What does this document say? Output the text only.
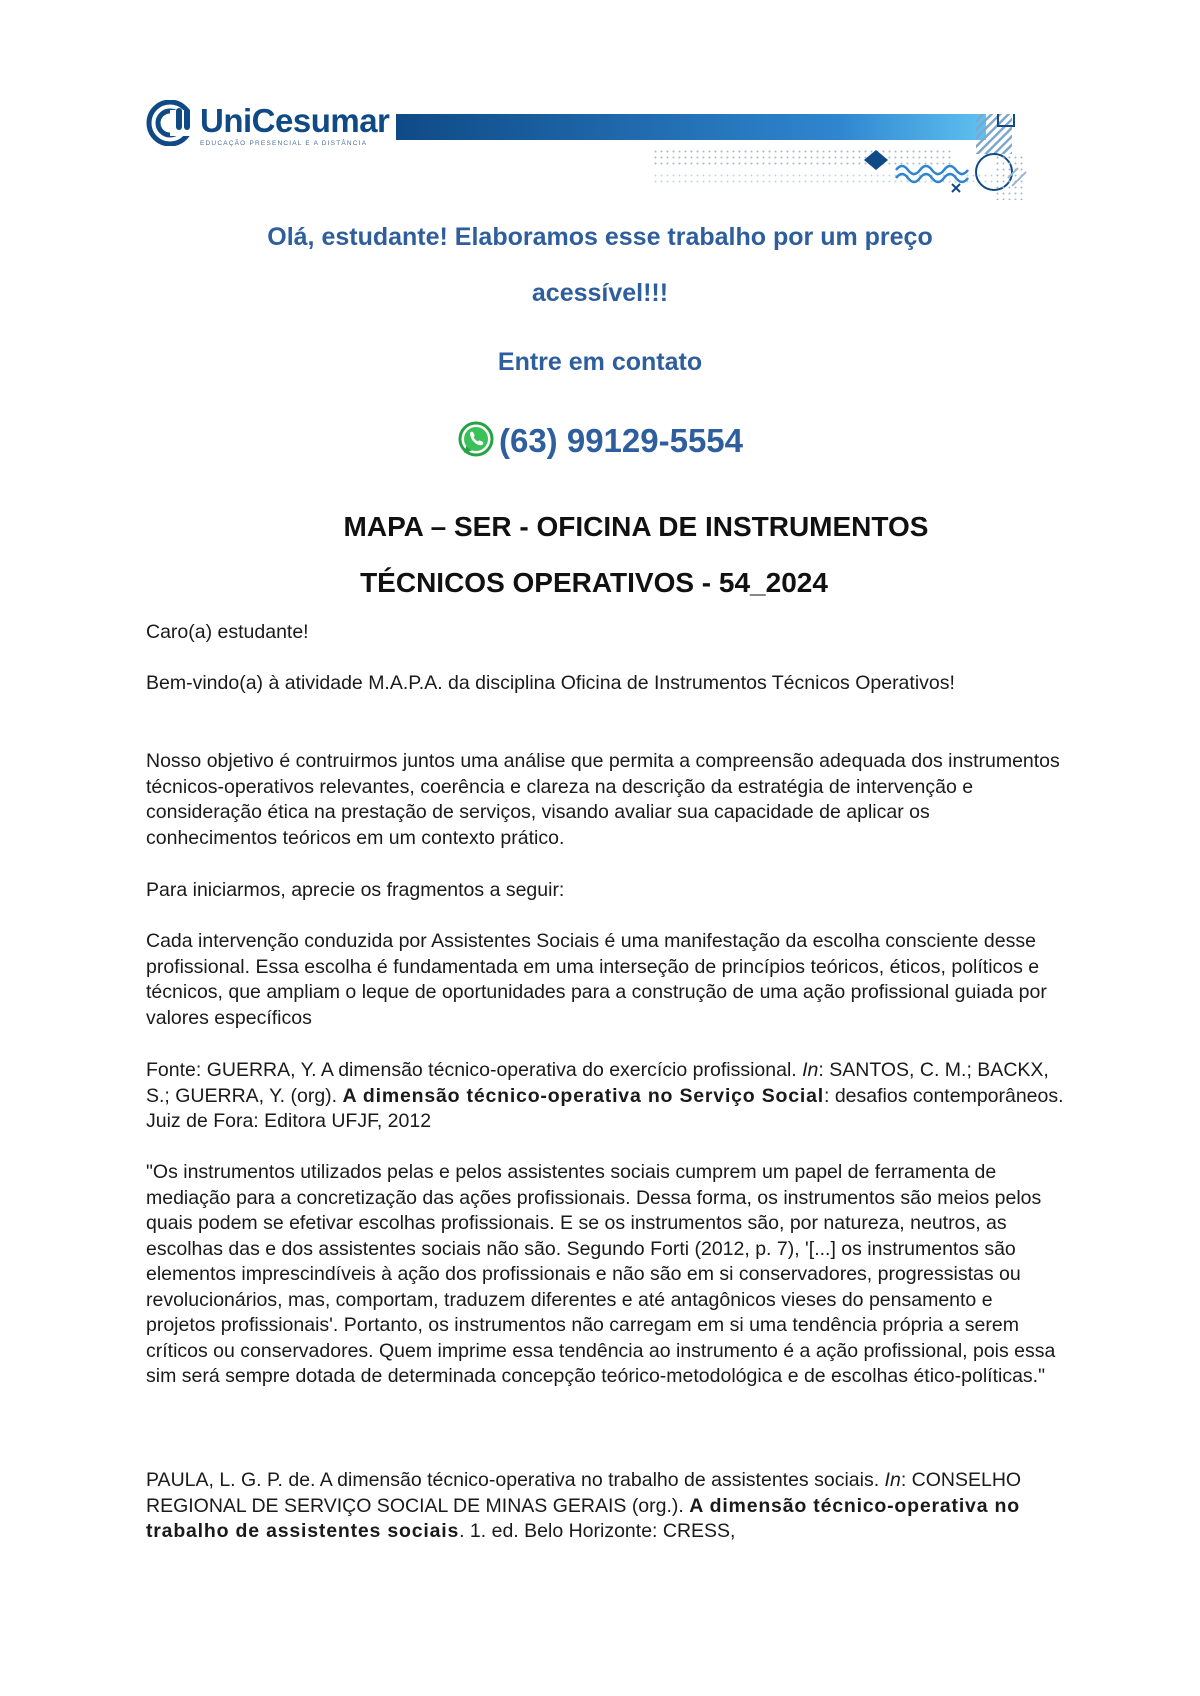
UniCesumar
EDUCAÇÃO PRESENCIAL E A DISTÂNCIA
Olá, estudante! Elaboramos esse trabalho por um preço
acessível!!!
Entre em contato
(63) 99129-5554
MAPA – SER - OFICINA DE INSTRUMENTOS
TÉCNICOS OPERATIVOS - 54_2024

Caro(a) estudante!

Bem-vindo(a) à atividade M.A.P.A. da disciplina Oficina de Instrumentos Técnicos Operativos!

Nosso objetivo é contruirmos juntos uma análise que permita a compreensão adequada dos instrumentos técnicos-operativos relevantes, coerência e clareza na descrição da estratégia de intervenção e consideração ética na prestação de serviços, visando avaliar sua capacidade de aplicar os conhecimentos teóricos em um contexto prático.

Para iniciarmos, aprecie os fragmentos a seguir:

Cada intervenção conduzida por Assistentes Sociais é uma manifestação da escolha consciente desse profissional. Essa escolha é fundamentada em uma interseção de princípios teóricos, éticos, políticos e técnicos, que ampliam o leque de oportunidades para a construção de uma ação profissional guiada por valores específicos

Fonte: GUERRA, Y. A dimensão técnico-operativa do exercício profissional. In: SANTOS, C. M.; BACKX, S.; GUERRA, Y. (org). A dimensão técnico-operativa no Serviço Social: desafios contemporâneos. Juiz de Fora: Editora UFJF, 2012

"Os instrumentos utilizados pelas e pelos assistentes sociais cumprem um papel de ferramenta de mediação para a concretização das ações profissionais. Dessa forma, os instrumentos são meios pelos quais podem se efetivar escolhas profissionais. E se os instrumentos são, por natureza, neutros, as escolhas das e dos assistentes sociais não são. Segundo Forti (2012, p. 7), '[...] os instrumentos são elementos imprescindíveis à ação dos profissionais e não são em si conservadores, progressistas ou revolucionários, mas, comportam, traduzem diferentes e até antagônicos vieses do pensamento e projetos profissionais'. Portanto, os instrumentos não carregam em si uma tendência própria a serem críticos ou conservadores. Quem imprime essa tendência ao instrumento é a ação profissional, pois essa sim será sempre dotada de determinada concepção teórico-metodológica e de escolhas ético-políticas."

PAULA, L. G. P. de. A dimensão técnico-operativa no trabalho de assistentes sociais. In: CONSELHO REGIONAL DE SERVIÇO SOCIAL DE MINAS GERAIS (org.). A dimensão técnico-operativa no trabalho de assistentes sociais. 1. ed. Belo Horizonte: CRESS,
